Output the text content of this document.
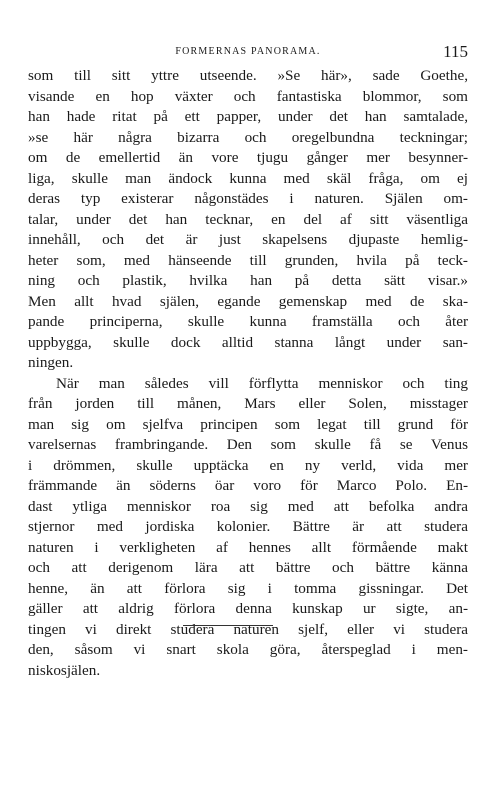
FORMERNAS PANORAMA.	115
som till sitt yttre utseende. »Se här», sade Goethe,
visande en hop växter och fantastiska blommor, som
han hade ritat på ett papper, under det han samtalade,
»se här några bizarra och oregelbundna teckningar;
om de emellertid än vore tjugu gånger mer besynner-
liga, skulle man ändock kunna med skäl fråga, om ej
deras typ existerar någonstädes i naturen. Själen om-
talar, under det han tecknar, en del af sitt väsentliga
innehåll, och det är just skapelsens djupaste hemlig-
heter som, med hänseende till grunden, hvila på teck-
ning och plastik, hvilka han på detta sätt visar.»
Men allt hvad själen, egande gemenskap med de ska-
pande principerna, skulle kunna framställa och åter
uppbygga, skulle dock alltid stanna långt under san-
ningen.
När man således vill förflytta menniskor och ting
från jorden till månen, Mars eller Solen, misstager
man sig om sjelfva principen som legat till grund för
varelsernas frambringande. Den som skulle få se Venus
i drömmen, skulle upptäcka en ny verld, vida mer
främmande än söderns öar voro för Marco Polo. En-
dast ytliga menniskor roa sig med att befolka andra
stjernor med jordiska kolonier. Bättre är att studera
naturen i verkligheten af hennes allt förmående makt
och att derigenom lära att bättre och bättre känna
henne, än att förlora sig i tomma gissningar. Det
gäller att aldrig förlora denna kunskap ur sigte, an-
tingen vi direkt studera naturen sjelf, eller vi studera
den, såsom vi snart skola göra, återspeglad i men-
niskosjälen.
